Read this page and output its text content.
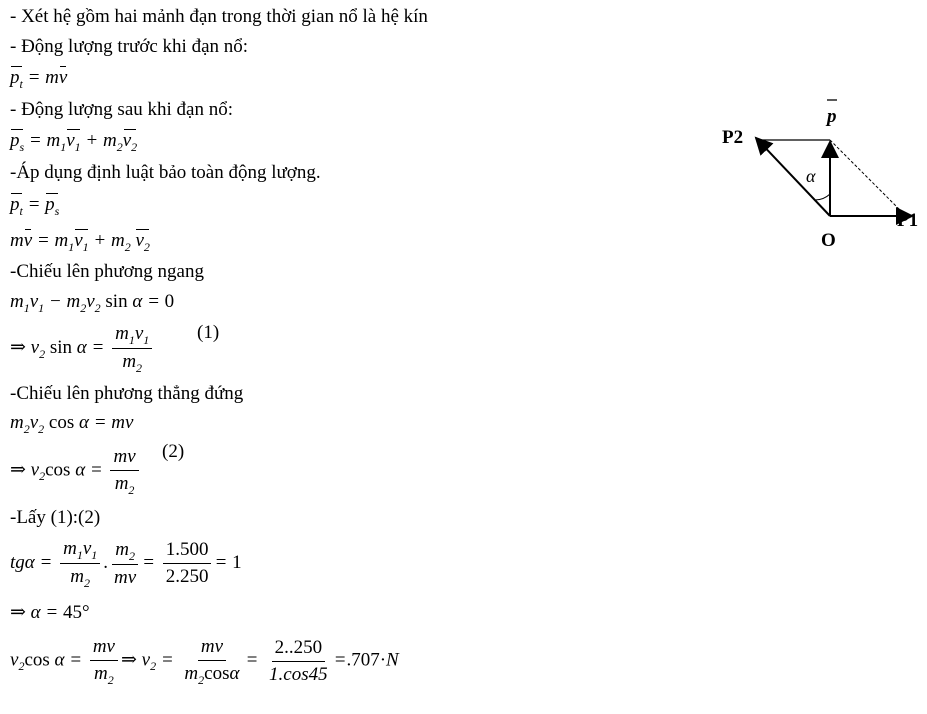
- Xét hệ gồm hai mảnh đạn trong thời gian nổ là hệ kín
- Động lượng trước khi đạn nổ:
$p_t$ = mv
- Động lượng sau khi đạn nổ:
$p_s = m_1v_1 + m_2v_2$
-Áp dụng định luật bảo toàn động lượng.
$p_t = p_s$
mv = $m_1v_1 + m_2$ $v_2$
-Chiếu lên phương ngang
$m_1v_1 - m_2v_2$ sin α = 0
⇒ $v_2$ $\sin \alpha = \frac{m_1v_1}{m_2} (1)$
-Chiếu lên phương thẳng đứng
$m_2v_2$ cos α = mv
⇒ $v_2\cos$ $\alpha = \frac{mv}{m_2} (2)$
-Lấy (1):(2)
$tg\alpha = \frac{m_1v_1}{m_2}$ . $\frac{m_2}{mv} = \frac{1.500}{2.250} = 1$
⇒ α = 45°
$v_2\cos$ $\alpha = \frac{mv}{m_2}$ ⇒ $v_2 = \frac{mv}{m_2\cos\alpha} = \frac{2..250}{1.\cos 45} =.707\cdot N$
P2
p
α
P1
O
